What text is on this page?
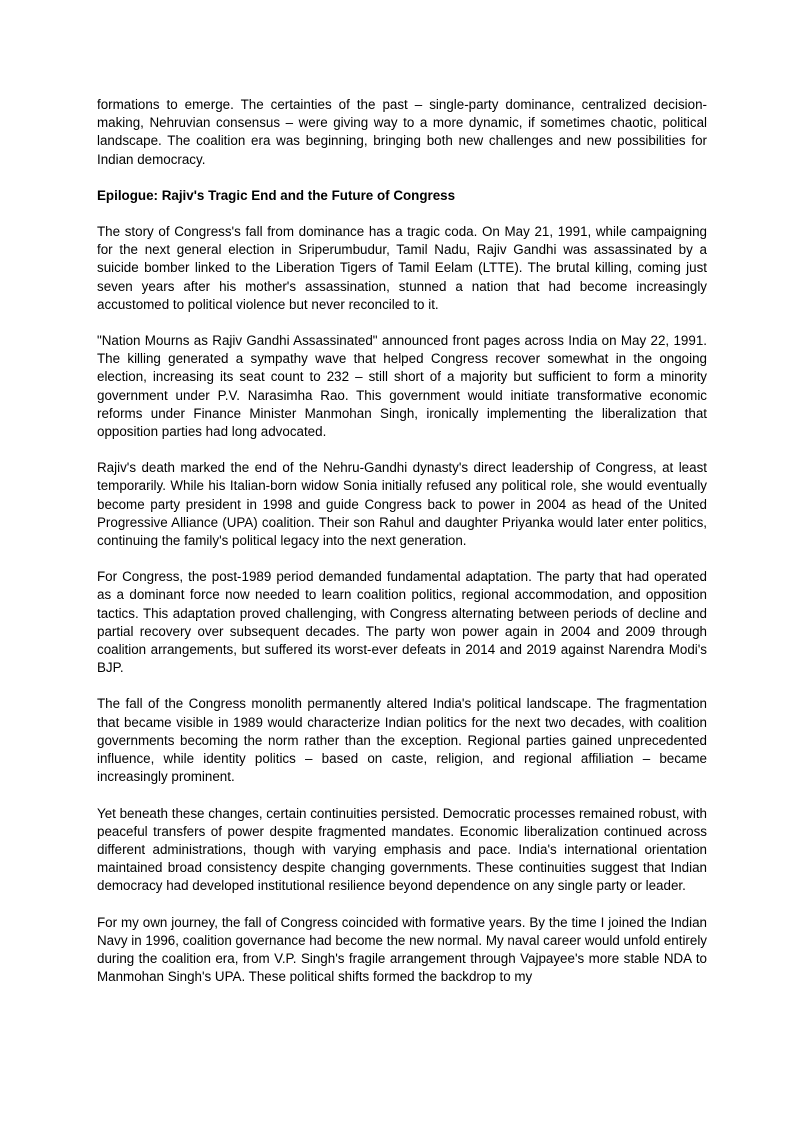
formations to emerge. The certainties of the past – single-party dominance, centralized decision-making, Nehruvian consensus – were giving way to a more dynamic, if sometimes chaotic, political landscape. The coalition era was beginning, bringing both new challenges and new possibilities for Indian democracy.

Epilogue: Rajiv's Tragic End and the Future of Congress

The story of Congress's fall from dominance has a tragic coda. On May 21, 1991, while campaigning for the next general election in Sriperumbudur, Tamil Nadu, Rajiv Gandhi was assassinated by a suicide bomber linked to the Liberation Tigers of Tamil Eelam (LTTE). The brutal killing, coming just seven years after his mother's assassination, stunned a nation that had become increasingly accustomed to political violence but never reconciled to it.

"Nation Mourns as Rajiv Gandhi Assassinated" announced front pages across India on May 22, 1991. The killing generated a sympathy wave that helped Congress recover somewhat in the ongoing election, increasing its seat count to 232 – still short of a majority but sufficient to form a minority government under P.V. Narasimha Rao. This government would initiate transformative economic reforms under Finance Minister Manmohan Singh, ironically implementing the liberalization that opposition parties had long advocated.

Rajiv's death marked the end of the Nehru-Gandhi dynasty's direct leadership of Congress, at least temporarily. While his Italian-born widow Sonia initially refused any political role, she would eventually become party president in 1998 and guide Congress back to power in 2004 as head of the United Progressive Alliance (UPA) coalition. Their son Rahul and daughter Priyanka would later enter politics, continuing the family's political legacy into the next generation.

For Congress, the post-1989 period demanded fundamental adaptation. The party that had operated as a dominant force now needed to learn coalition politics, regional accommodation, and opposition tactics. This adaptation proved challenging, with Congress alternating between periods of decline and partial recovery over subsequent decades. The party won power again in 2004 and 2009 through coalition arrangements, but suffered its worst-ever defeats in 2014 and 2019 against Narendra Modi's BJP.

The fall of the Congress monolith permanently altered India's political landscape. The fragmentation that became visible in 1989 would characterize Indian politics for the next two decades, with coalition governments becoming the norm rather than the exception. Regional parties gained unprecedented influence, while identity politics – based on caste, religion, and regional affiliation – became increasingly prominent.

Yet beneath these changes, certain continuities persisted. Democratic processes remained robust, with peaceful transfers of power despite fragmented mandates. Economic liberalization continued across different administrations, though with varying emphasis and pace. India's international orientation maintained broad consistency despite changing governments. These continuities suggest that Indian democracy had developed institutional resilience beyond dependence on any single party or leader.

For my own journey, the fall of Congress coincided with formative years. By the time I joined the Indian Navy in 1996, coalition governance had become the new normal. My naval career would unfold entirely during the coalition era, from V.P. Singh's fragile arrangement through Vajpayee's more stable NDA to Manmohan Singh's UPA. These political shifts formed the backdrop to my
